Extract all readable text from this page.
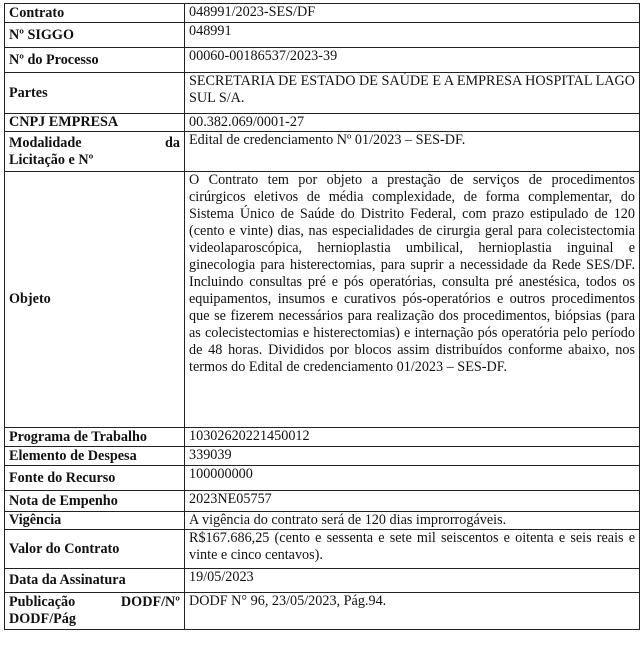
Contrato	048991/2023-SES/DF
Nº SIGGO	048991
Nº do Processo	00060-00186537/2023-39
Partes	SECRETARIA DE ESTADO DE SAÚDE E A EMPRESA HOSPITAL LAGO SUL S/A.
CNPJ EMPRESA	00.382.069/0001-27

Modalidade da
Licitação e Nº	Edital de credenciamento Nº 01/2023 – SES-DF.
Objeto	O Contrato tem por objeto a prestação de serviços de procedimentos cirúrgicos eletivos de média complexidade, de forma complementar, do Sistema Único de Saúde do Distrito Federal, com prazo estipulado de 120 (cento e vinte) dias, nas especialidades de cirurgia geral para colecistectomia videolaparoscópica, hernioplastia umbilical, hernioplastia inguinal e ginecologia para histerectomias, para suprir a necessidade da Rede SES/DF. Incluindo consultas pré e pós operatórias, consulta pré anestésica, todos os equipamentos, insumos e curativos pós-operatórios e outros procedimentos que se fizerem necessários para realização dos procedimentos, biópsias (para as colecistectomias e histerectomias) e internação pós operatória pelo período de 48 horas. Divididos por blocos assim distribuídos conforme abaixo, nos termos do Edital de credenciamento 01/2023 – SES-DF.
Programa de Trabalho	10302620221450012
Elemento de Despesa	339039
Fonte do Recurso	100000000
Nota de Empenho	2023NE05757
Vigência	A vigência do contrato será de 120 dias improrrogáveis.
Valor do Contrato	R$167.686,25 (cento e sessenta e sete mil seiscentos e oitenta e seis reais e vinte e cinco centavos).
Data da Assinatura	19/05/2023

Publicação DODF/Nº
DODF/Pág	DODF N° 96, 23/05/2023, Pág.94.
